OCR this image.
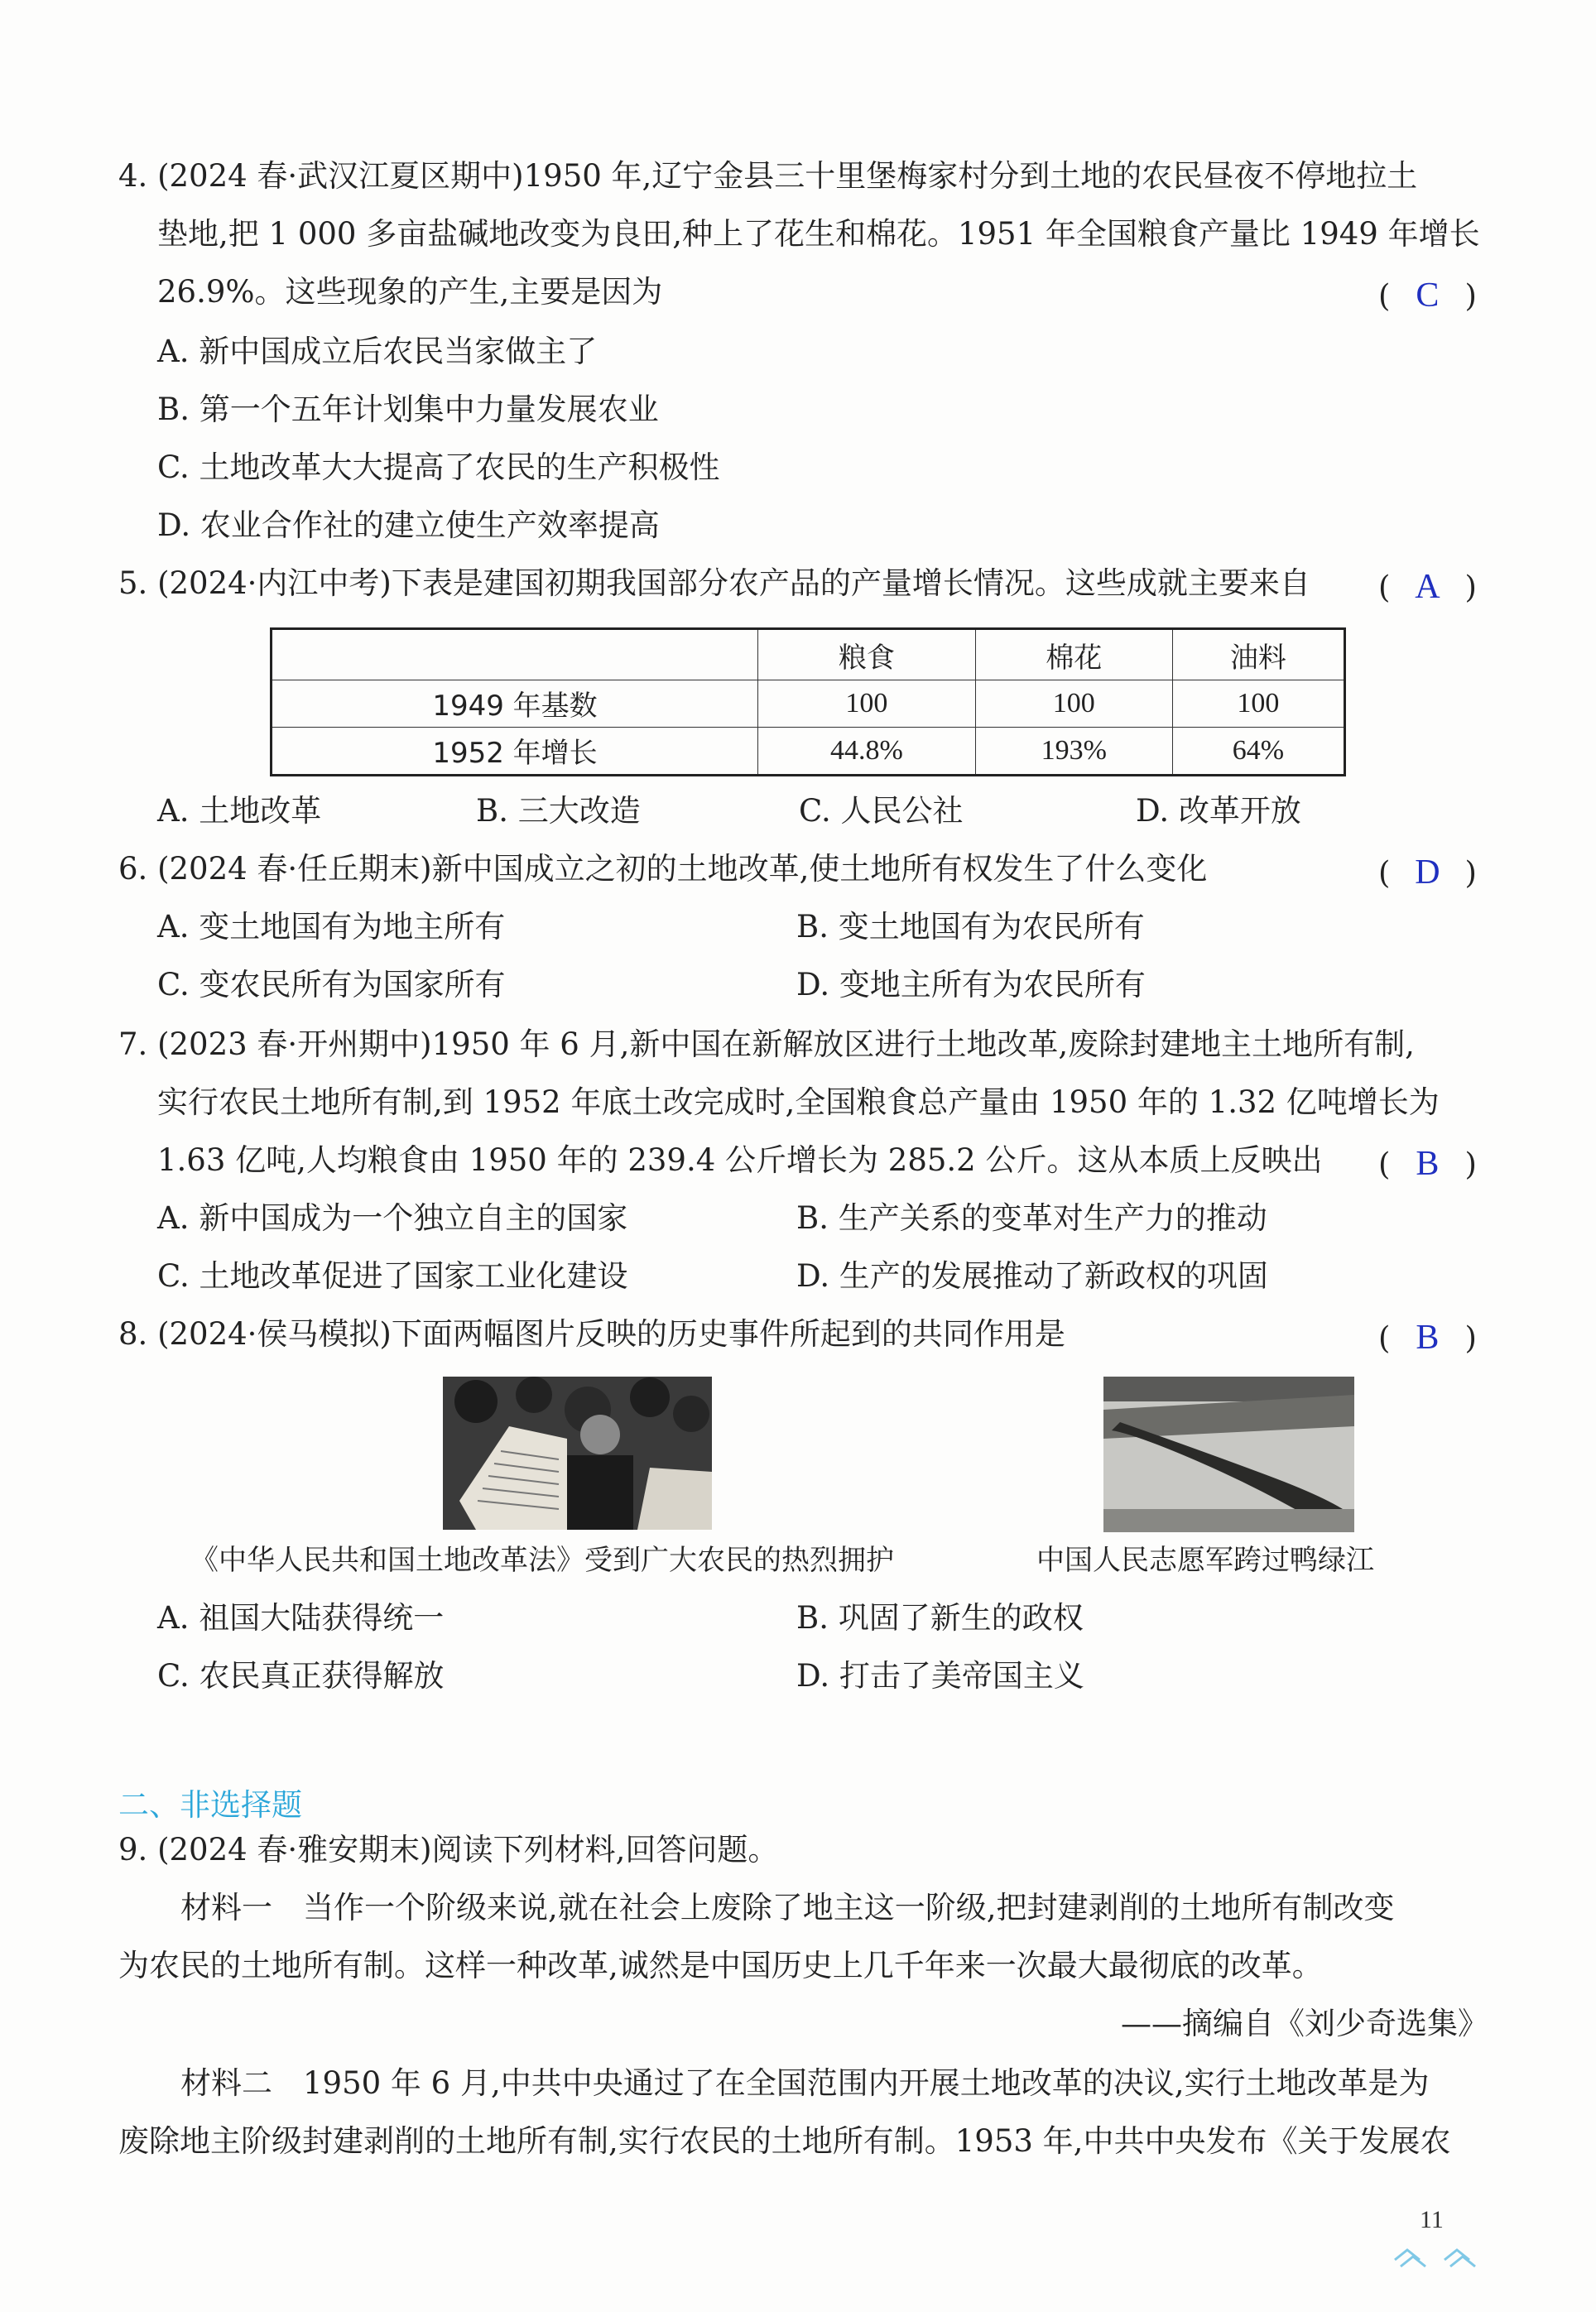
4. (2024 春·武汉江夏区期中)1950 年,辽宁金县三十里堡梅家村分到土地的农民昼夜不停地拉土
垫地,把 1 000 多亩盐碱地改变为良田,种上了花生和棉花。1951 年全国粮食产量比 1949 年增长
26.9%。这些现象的产生,主要是因为	( C )
A. 新中国成立后农民当家做主了
B. 第一个五年计划集中力量发展农业
C. 土地改革大大提高了农民的生产积极性
D. 农业合作社的建立使生产效率提高
5. (2024·内江中考)下表是建国初期我国部分农产品的产量增长情况。这些成就主要来自 ( A )
	粮食	棉花	油料
1949 年基数	100	100	100
1952 年增长	44.8%	193%	64%
A. 土地改革	B. 三大改造	C. 人民公社	D. 改革开放
6. (2024 春·任丘期末)新中国成立之初的土地改革,使土地所有权发生了什么变化	( D )
A. 变土地国有为地主所有	B. 变土地国有为农民所有
C. 变农民所有为国家所有	D. 变地主所有为农民所有
7. (2023 春·开州期中)1950 年 6 月,新中国在新解放区进行土地改革,废除封建地主土地所有制,
实行农民土地所有制,到 1952 年底土改完成时,全国粮食总产量由 1950 年的 1.32 亿吨增长为
1.63 亿吨,人均粮食由 1950 年的 239.4 公斤增长为 285.2 公斤。这从本质上反映出 ( B )
A. 新中国成为一个独立自主的国家	B. 生产关系的变革对生产力的推动
C. 土地改革促进了国家工业化建设	D. 生产的发展推动了新政权的巩固
8. (2024·侯马模拟)下面两幅图片反映的历史事件所起到的共同作用是	( B )
《中华人民共和国土地改革法》受到广大农民的热烈拥护	中国人民志愿军跨过鸭绿江
A. 祖国大陆获得统一	B. 巩固了新生的政权
C. 农民真正获得解放	D. 打击了美帝国主义
二、非选择题
9. (2024 春·雅安期末)阅读下列材料,回答问题。
材料一　当作一个阶级来说,就在社会上废除了地主这一阶级,把封建剥削的土地所有制改变
为农民的土地所有制。这样一种改革,诚然是中国历史上几千年来一次最大最彻底的改革。
——摘编自《刘少奇选集》
材料二　1950 年 6 月,中共中央通过了在全国范围内开展土地改革的决议,实行土地改革是为
废除地主阶级封建剥削的土地所有制,实行农民的土地所有制。1953 年,中共中央发布《关于发展农
11
